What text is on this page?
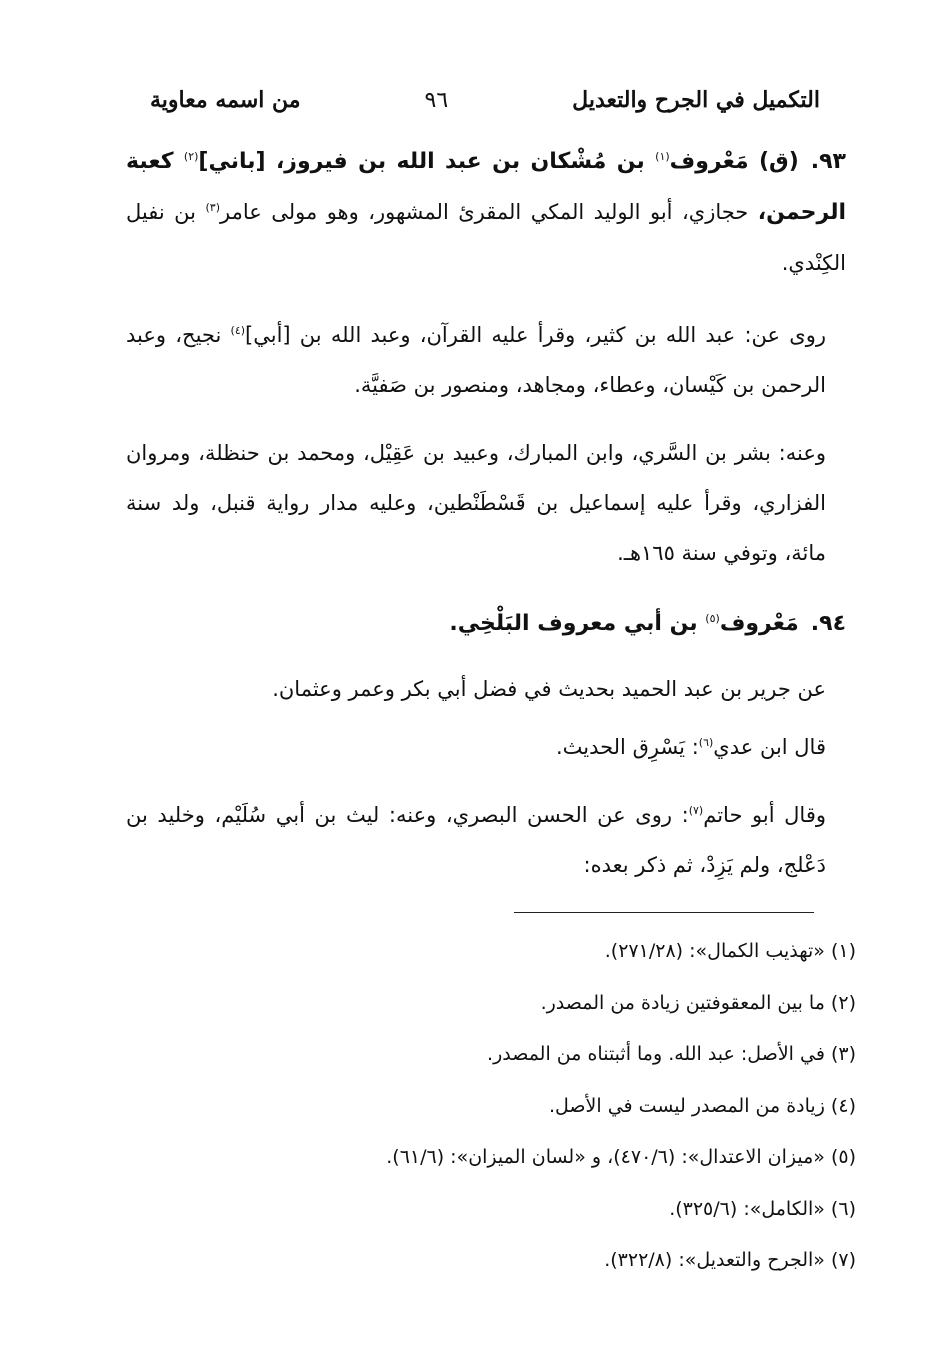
التكميل في الجرح والتعديل
٩٦
من اسمه معاوية
٩٣.(ق) مَعْروف$^{(١)}$ بن مُشْكان بن عبد الله بن فيروز، [باني]$^{(٢)}$ كعبة الرحمن، حجازي، أبو الوليد المكي المقرئ المشهور، وهو مولى عامر$^{(٣)}$ بن نفيل الكِنْدي.
روى عن: عبد الله بن كثير، وقرأ عليه القرآن، وعبد الله بن [أبي]$^{(٤)}$ نجيح، وعبد الرحمن بن كَيْسان، وعطاء، ومجاهد، ومنصور بن صَفيَّة.
وعنه: بشر بن السَّري، وابن المبارك، وعبيد بن عَقِيْل، ومحمد بن حنظلة، ومروان الفزاري، وقرأ عليه إسماعيل بن قَسْطَنْطين، وعليه مدار رواية قنبل، ولد سنة مائة، وتوفي سنة ١٦٥هـ.
٩٤.مَعْروف$^{(٥)}$ بن أبي معروف البَلْخِي.
عن جرير بن عبد الحميد بحديث في فضل أبي بكر وعمر وعثمان.
قال ابن عدي$^{(٦)}$: يَسْرِق الحديث.
وقال أبو حاتم$^{(٧)}$: روى عن الحسن البصري، وعنه: ليث بن أبي سُلَيْم، وخليد بن دَعْلج، ولم يَزِدْ، ثم ذكر بعده:
(١) «تهذيب الكمال»: (٢٧١/٢٨).
(٢) ما بين المعقوفتين زيادة من المصدر.
(٣) في الأصل: عبد الله. وما أثبتناه من المصدر.
(٤) زيادة من المصدر ليست في الأصل.
(٥) «ميزان الاعتدال»: (٤٧٠/٦)، و «لسان الميزان»: (٦١/٦).
(٦) «الكامل»: (٣٢٥/٦).
(٧) «الجرح والتعديل»: (٣٢٢/٨).
